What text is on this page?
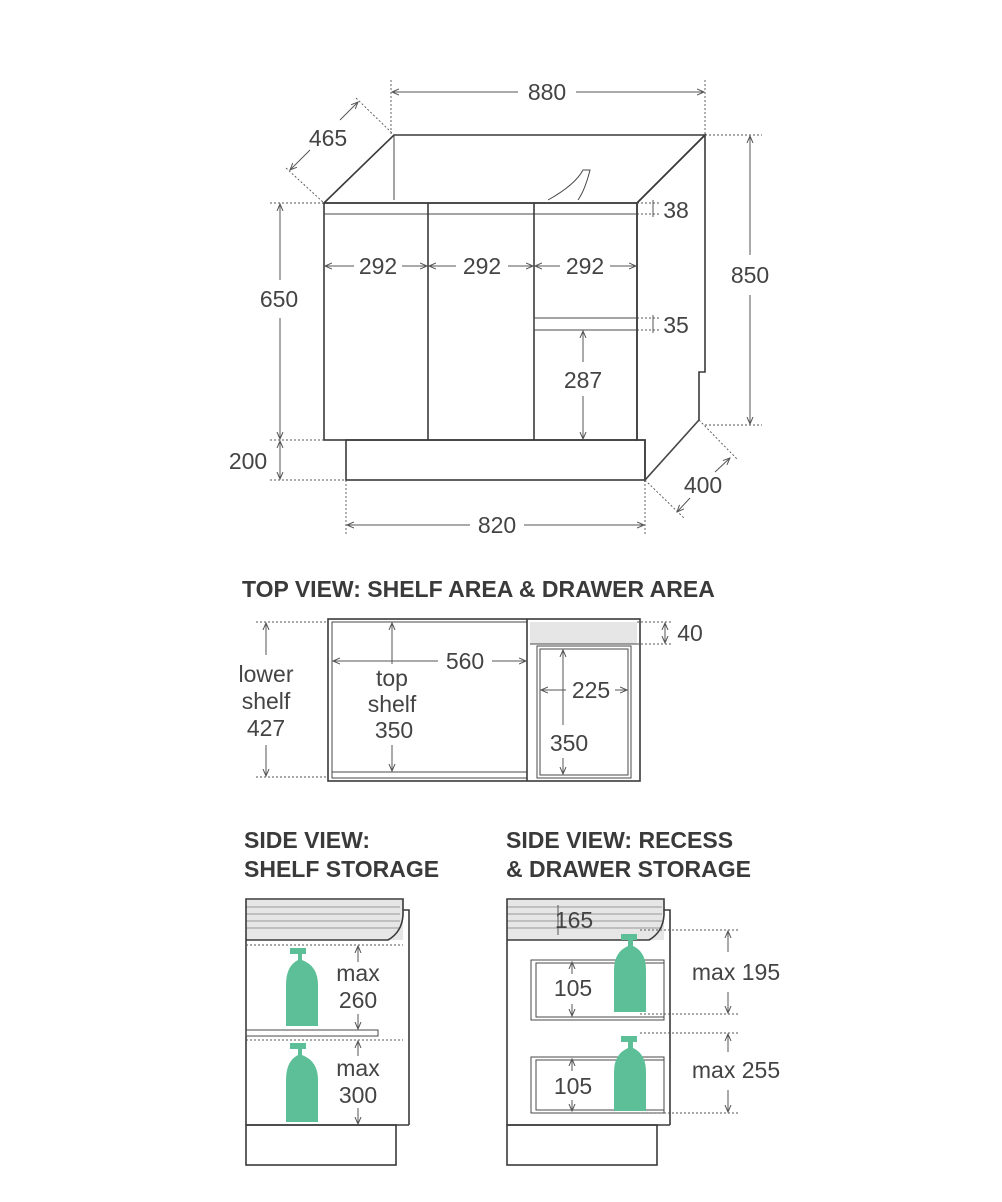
880
465
850
650
200
820
400
292	292	292
38
35
287
TOP VIEW: SHELF AREA & DRAWER AREA
560
40
225
350
lower
shelf
427
top
shelf
350
SIDE VIEW:
SHELF STORAGE
max
260
max
300
SIDE VIEW: RECESS
& DRAWER STORAGE
165
105
105
max 195
max 255
